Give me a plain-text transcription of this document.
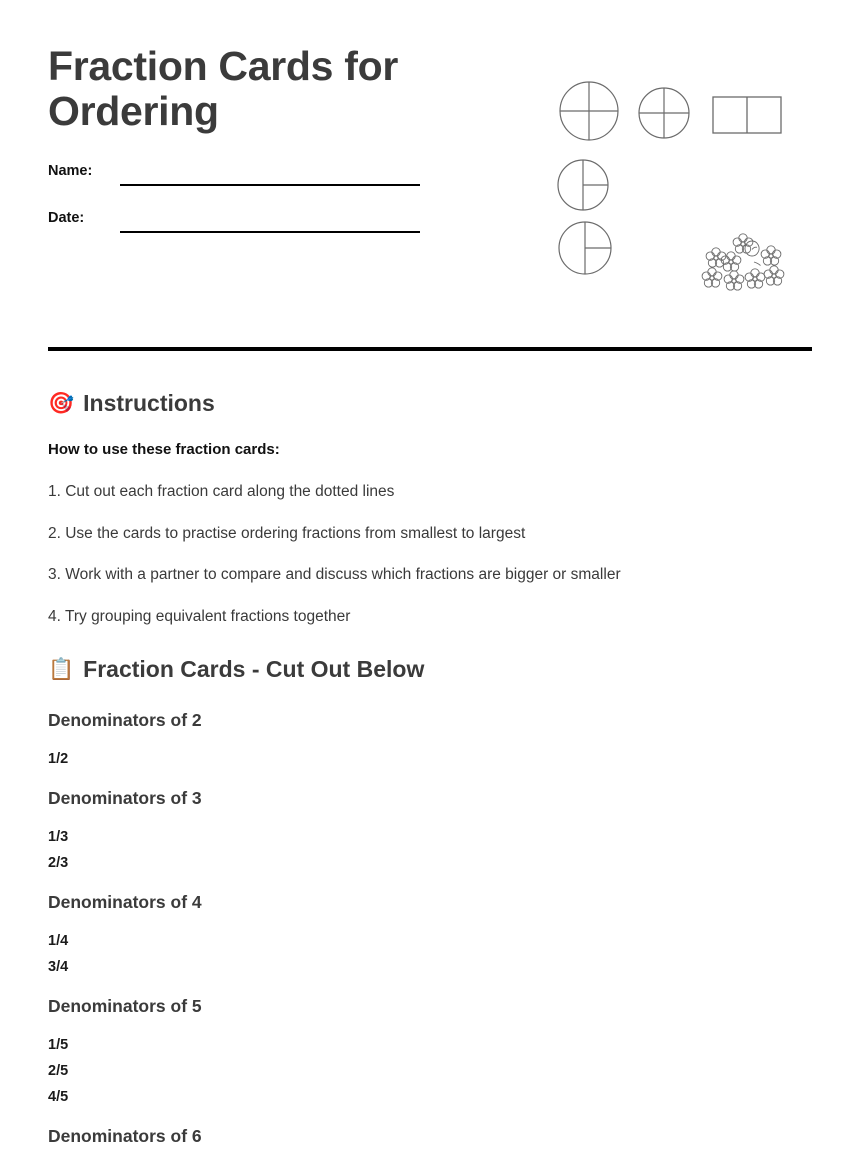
Fraction Cards for Ordering
Name:
Date:
🎯 Instructions
How to use these fraction cards:
1. Cut out each fraction card along the dotted lines
2. Use the cards to practise ordering fractions from smallest to largest
3. Work with a partner to compare and discuss which fractions are bigger or smaller
4. Try grouping equivalent fractions together
📋 Fraction Cards - Cut Out Below
Denominators of 2
1/2
Denominators of 3
1/3
2/3
Denominators of 4
1/4
3/4
Denominators of 5
1/5
2/5
4/5
Denominators of 6
